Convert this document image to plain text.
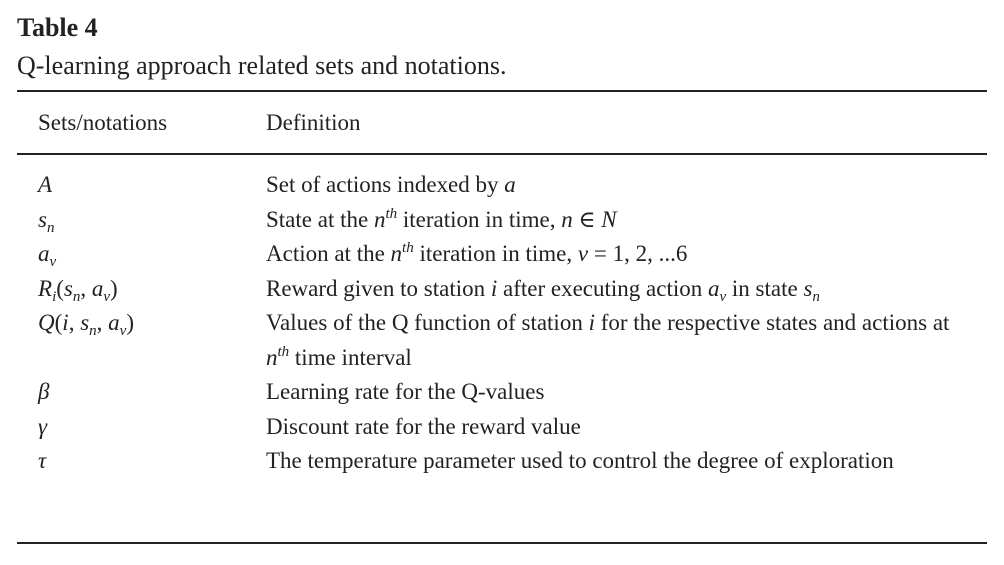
Table 4
Q-learning approach related sets and notations.
Sets/notations	Definition
A	Set of actions indexed by a
$s_n$	State at the $n^{th}$ iteration in time, n ∈ N
$a_v$	Action at the $n^{th}$ iteration in time, v = 1, 2, ...6
$R_i(s_n$, $a_v$)	Reward given to station i after executing action $a_v$ in state $s_n$
Q(i, $s_n$, $a_v$)	Values of the Q function of station i for the respective states and actions at $n^{th}$ time interval
β	Learning rate for the Q-values
γ	Discount rate for the reward value
τ	The temperature parameter used to control the degree of exploration
